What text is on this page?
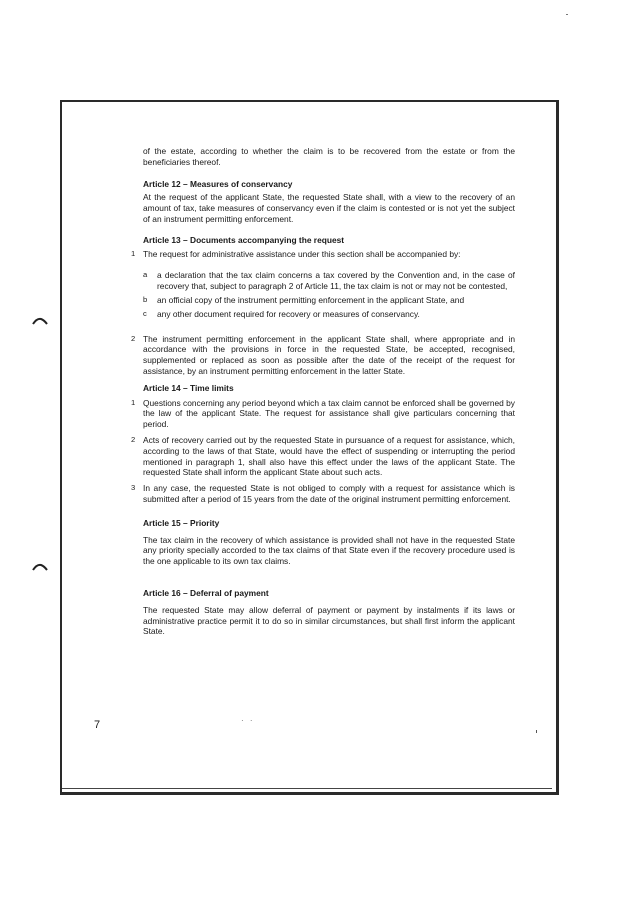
of the estate, according to whether the claim is to be recovered from the estate or from the beneficiaries thereof.

Article 12 – Measures of conservancy

At the request of the applicant State, the requested State shall, with a view to the recovery of an amount of tax, take measures of conservancy even if the claim is contested or is not yet the subject of an instrument permitting enforcement.

Article 13 – Documents accompanying the request

1 The request for administrative assistance under this section shall be accompanied by:

a a declaration that the tax claim concerns a tax covered by the Convention and, in the case of recovery that, subject to paragraph 2 of Article 11, the tax claim is not or may not be contested,

b an official copy of the instrument permitting enforcement in the applicant State, and

c any other document required for recovery or measures of conservancy.

2 The instrument permitting enforcement in the applicant State shall, where appropriate and in accordance with the provisions in force in the requested State, be accepted, recognised, supplemented or replaced as soon as possible after the date of the receipt of the request for assistance, by an instrument permitting enforcement in the latter State.

Article 14 – Time limits

1 Questions concerning any period beyond which a tax claim cannot be enforced shall be governed by the law of the applicant State. The request for assistance shall give particulars concerning that period.

2 Acts of recovery carried out by the requested State in pursuance of a request for assistance, which, according to the laws of that State, would have the effect of suspending or interrupting the period mentioned in paragraph 1, shall also have this effect under the laws of the applicant State. The requested State shall inform the applicant State about such acts.

3 In any case, the requested State is not obliged to comply with a request for assistance which is submitted after a period of 15 years from the date of the original instrument permitting enforcement.

Article 15 – Priority

The tax claim in the recovery of which assistance is provided shall not have in the requested State any priority specially accorded to the tax claims of that State even if the recovery procedure used is the one applicable to its own tax claims.

Article 16 – Deferral of payment

The requested State may allow deferral of payment or payment by instalments if its laws or administrative practice permit it to do so in similar circumstances, but shall first inform the applicant State.

7	· ·
